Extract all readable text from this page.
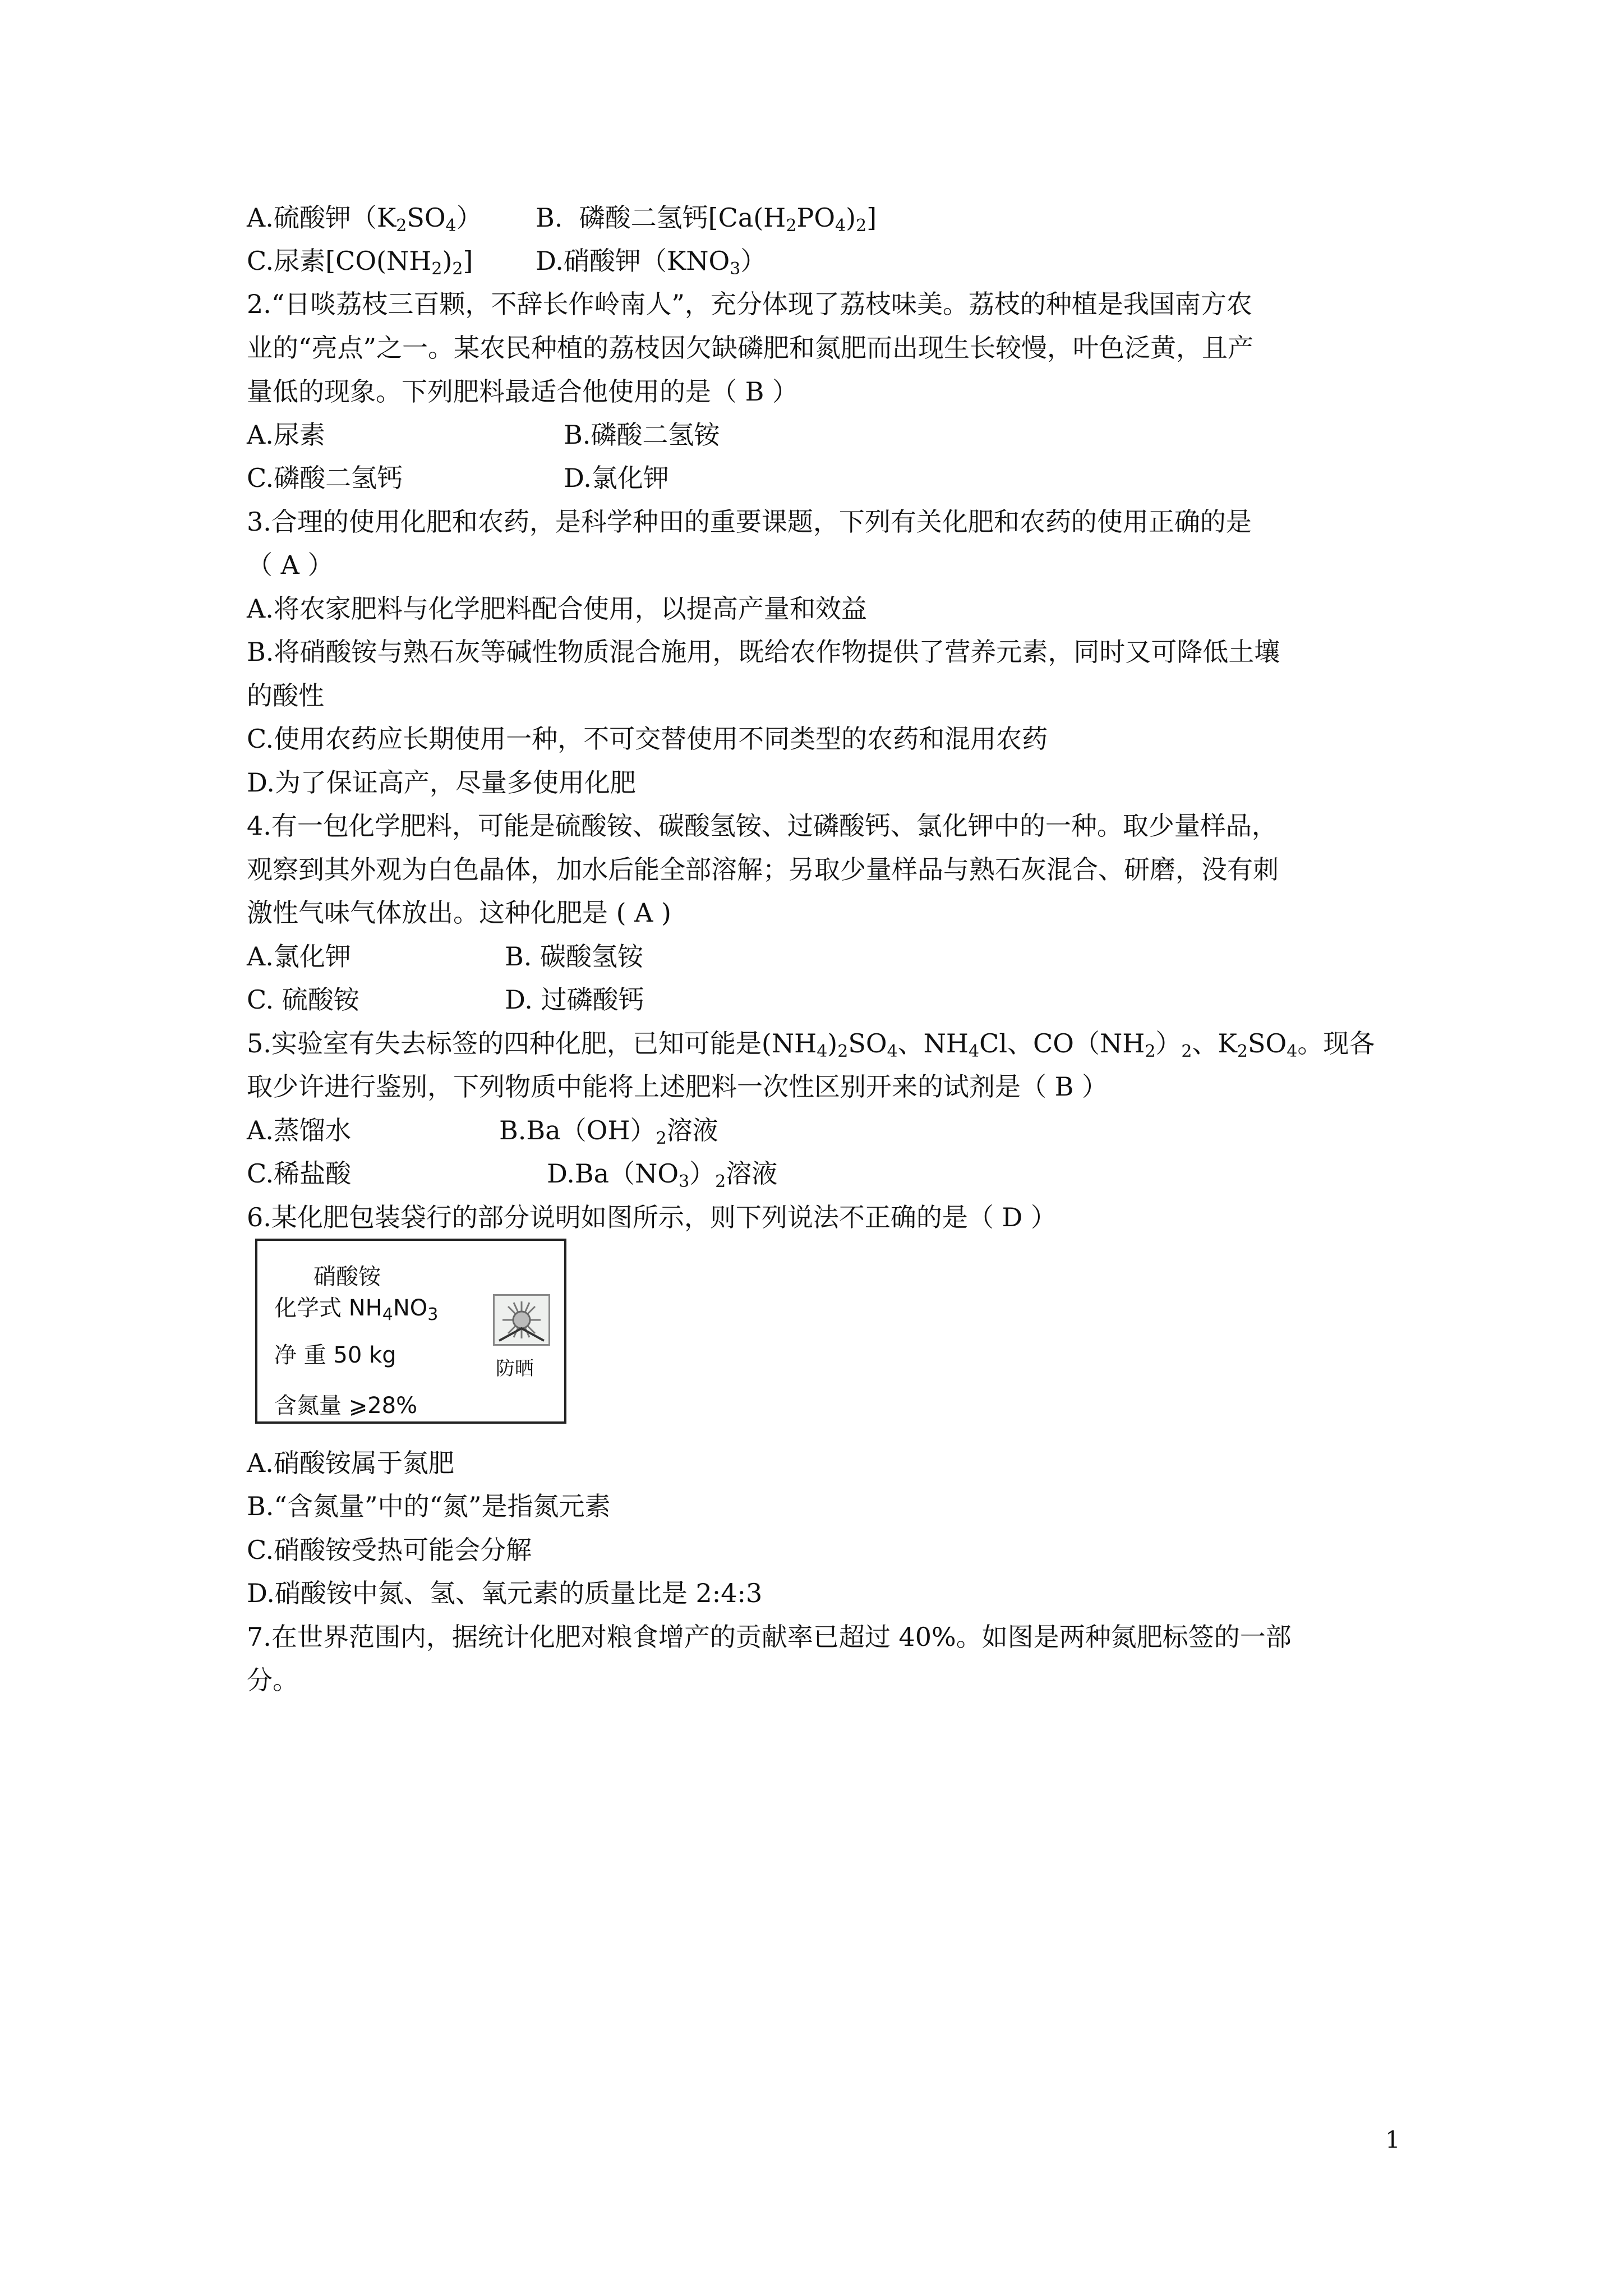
A.硫酸钾$(K_2SO_4)$ B.  磷酸二氢钙$[Ca(H_2PO_4)_2]$
C.尿素$[CO(NH_2)_2]$ D.硝酸钾$(KNO_3)$
2.“日啖荔枝三百颗，不辞长作岭南人”，充分体现了荔枝味美。荔枝的种植是我国南方农
业的“亮点”之一。某农民种植的荔枝因欠缺磷肥和氮肥而出现生长较慢，叶色泛黄，且产
量低的现象。下列肥料最适合他使用的是（ B ）
A.尿素	B.磷酸二氢铵
C.磷酸二氢钙	D.氯化钾
3.合理的使用化肥和农药，是科学种田的重要课题，下列有关化肥和农药的使用正确的是
（ A ）
A.将农家肥料与化学肥料配合使用，以提高产量和效益
B.将硝酸铵与熟石灰等碱性物质混合施用，既给农作物提供了营养元素，同时又可降低土壤
的酸性
C.使用农药应长期使用一种，不可交替使用不同类型的农药和混用农药
D.为了保证高产，尽量多使用化肥
4.有一包化学肥料，可能是硫酸铵、碳酸氢铵、过磷酸钙、氯化钾中的一种。取少量样品，
观察到其外观为白色晶体，加水后能全部溶解；另取少量样品与熟石灰混合、研磨，没有刺
激性气味气体放出。这种化肥是 ( A )
A.氯化钾	B. 碳酸氢铵
C. 硫酸铵	D. 过磷酸钙
5.实验室有失去标签的四种化肥，已知可能是$(NH_4)_2SO_4$、$NH_4Cl$、$CO(NH_2)_2$、$K_2SO_4$。现各
取少许进行鉴别，下列物质中能将上述肥料一次性区别开来的试剂是（ B ）
A.蒸馏水	$B.Ba(OH)_2$溶液
C.稀盐酸	$D.Ba(NO_3)_2$溶液
6.某化肥包装袋行的部分说明如图所示，则下列说法不正确的是（ D ）
硝酸铵
化学式 $NH_4NO_3$
净 重 50 kg
含氮量 ⩾28%
防晒
A.硝酸铵属于氮肥
B.“含氮量”中的“氮”是指氮元素
C.硝酸铵受热可能会分解
D.硝酸铵中氮、氢、氧元素的质量比是 2:4:3
7.在世界范围内，据统计化肥对粮食增产的贡献率已超过 40%。如图是两种氮肥标签的一部
分。
1
